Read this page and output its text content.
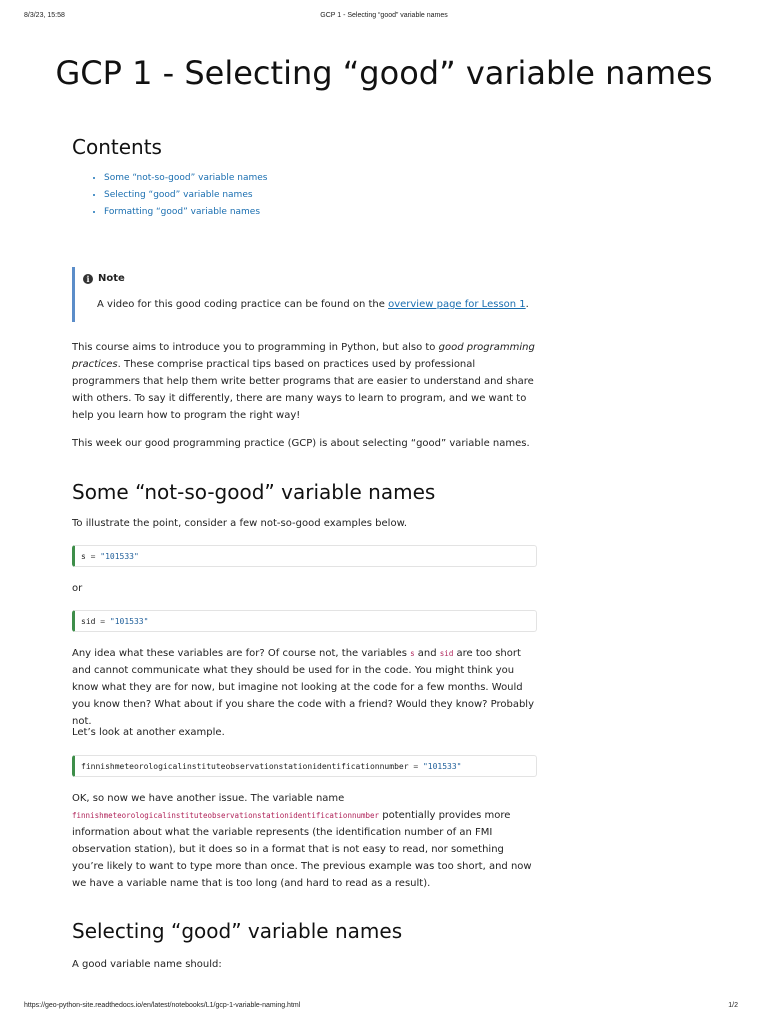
8/3/23, 15:58	GCP 1 - Selecting “good” variable names
GCP 1 - Selecting “good” variable names
Contents
• Some “not-so-good” variable names
• Selecting “good” variable names
• Formatting “good” variable names
i Note
A video for this good coding practice can be found on the overview page for Lesson 1.

This course aims to introduce you to programming in Python, but also to good programming practices. These comprise practical tips based on practices used by professional programmers that help them write better programs that are easier to understand and share with others. To say it differently, there are many ways to learn to program, and we want to help you learn how to program the right way!

This week our good programming practice (GCP) is about selecting “good” variable names.

Some “not-so-good” variable names

To illustrate the point, consider a few not-so-good examples below.

s = "101533"

or

sid = "101533"

Any idea what these variables are for? Of course not, the variables s and sid are too short and cannot communicate what they should be used for in the code. You might think you know what they are for now, but imagine not looking at the code for a few months. Would you know then? What about if you share the code with a friend? Would they know? Probably not.

Let’s look at another example.

finnishmeteorologicalinstituteobservationstationidentificationnumber = "101533"

OK, so now we have another issue. The variable name finnishmeteorologicalinstituteobservationstationidentificationnumber potentially provides more information about what the variable represents (the identification number of an FMI observation station), but it does so in a format that is not easy to read, nor something you’re likely to want to type more than once. The previous example was too short, and now we have a variable name that is too long (and hard to read as a result).

Selecting “good” variable names

A good variable name should:

https://geo-python-site.readthedocs.io/en/latest/notebooks/L1/gcp-1-variable-naming.html	1/2
